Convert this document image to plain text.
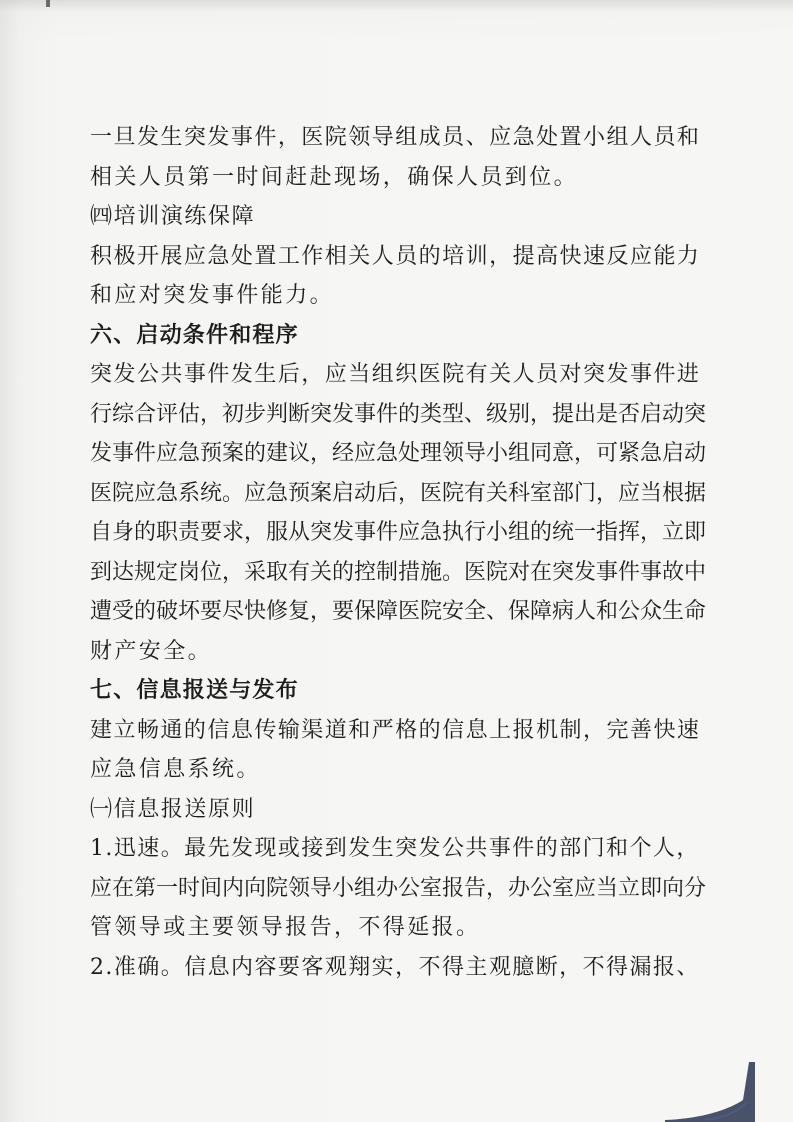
一旦发生突发事件，医院领导组成员、应急处置小组人员和
相关人员第一时间赶赴现场，确保人员到位。
㈣培训演练保障
积极开展应急处置工作相关人员的培训，提高快速反应能力
和应对突发事件能力。
六、启动条件和程序
突发公共事件发生后，应当组织医院有关人员对突发事件进
行综合评估，初步判断突发事件的类型、级别，提出是否启动突
发事件应急预案的建议，经应急处理领导小组同意，可紧急启动
医院应急系统。应急预案启动后，医院有关科室部门，应当根据
自身的职责要求，服从突发事件应急执行小组的统一指挥，立即
到达规定岗位，采取有关的控制措施。医院对在突发事件事故中
遭受的破坏要尽快修复，要保障医院安全、保障病人和公众生命
财产安全。
七、信息报送与发布
建立畅通的信息传输渠道和严格的信息上报机制，完善快速
应急信息系统。
㈠信息报送原则
1.迅速。最先发现或接到发生突发公共事件的部门和个人，
应在第一时间内向院领导小组办公室报告，办公室应当立即向分
管领导或主要领导报告，不得延报。
2.准确。信息内容要客观翔实，不得主观臆断，不得漏报、
